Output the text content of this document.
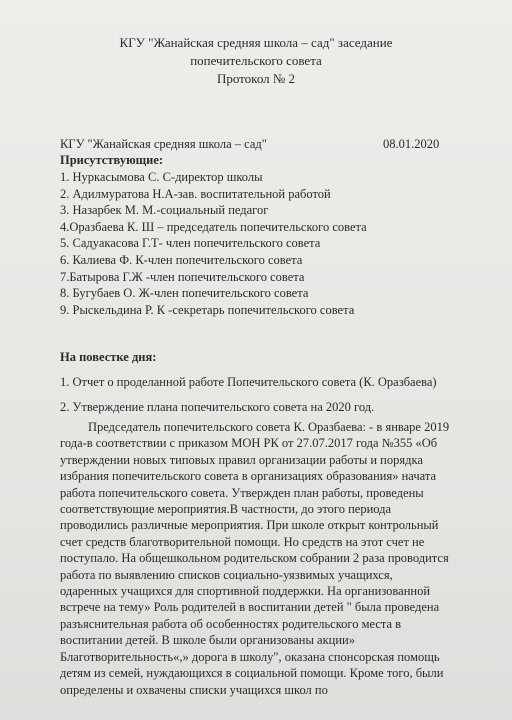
КГУ "Жанайская средняя школа – сад" заседание
попечительского совета
Протокол № 2
КГУ "Жанайская средняя школа – сад"	08.01.2020
Присутствующие:
1. Нуркасымова С. С-директор школы
2. Адилмуратова Н.А-зав. воспитательной работой
3. Назарбек М. М.-социальный педагог
4.Оразбаева К. Ш – председатель попечительского совета
5. Садуакасова Г.Т- член попечительского совета
6. Калиева Ф. К-член попечительского совета
7.Батырова Г.Ж -член попечительского совета
8. Бугубаев О. Ж-член попечительского совета
9. Рыскельдина Р. К -секретарь попечительского совета
На повестке дня:
1. Отчет о проделанной работе Попечительского совета (К. Оразбаева)
2. Утверждение плана попечительского совета на 2020 год.

Председатель попечительского совета К. Оразбаева: - в январе 2019 года-в соответствии с приказом МОН РК от 27.07.2017 года №355 «Об утверждении новых типовых правил организации работы и порядка избрания попечительского совета в организациях образования» начата работа попечительского совета. Утвержден план работы, проведены соответствующие мероприятия.В частности, до этого периода проводились различные мероприятия. При школе открыт контрольный счет средств благотворительной помощи. Но средств на этот счет не поступало. На общешкольном родительском собрании 2 раза проводится работа по выявлению списков социально-уязвимых учащихся, одаренных учащихся для спортивной поддержки. На организованной встрече на тему» Роль родителей в воспитании детей " была проведена разъяснительная работа об особенностях родительского места в воспитании детей. В школе были организованы акции» Благотворительность«,» дорога в школу", оказана спонсорская помощь детям из семей, нуждающихся в социальной помощи. Кроме того, были определены и охвачены списки учащихся школ по
